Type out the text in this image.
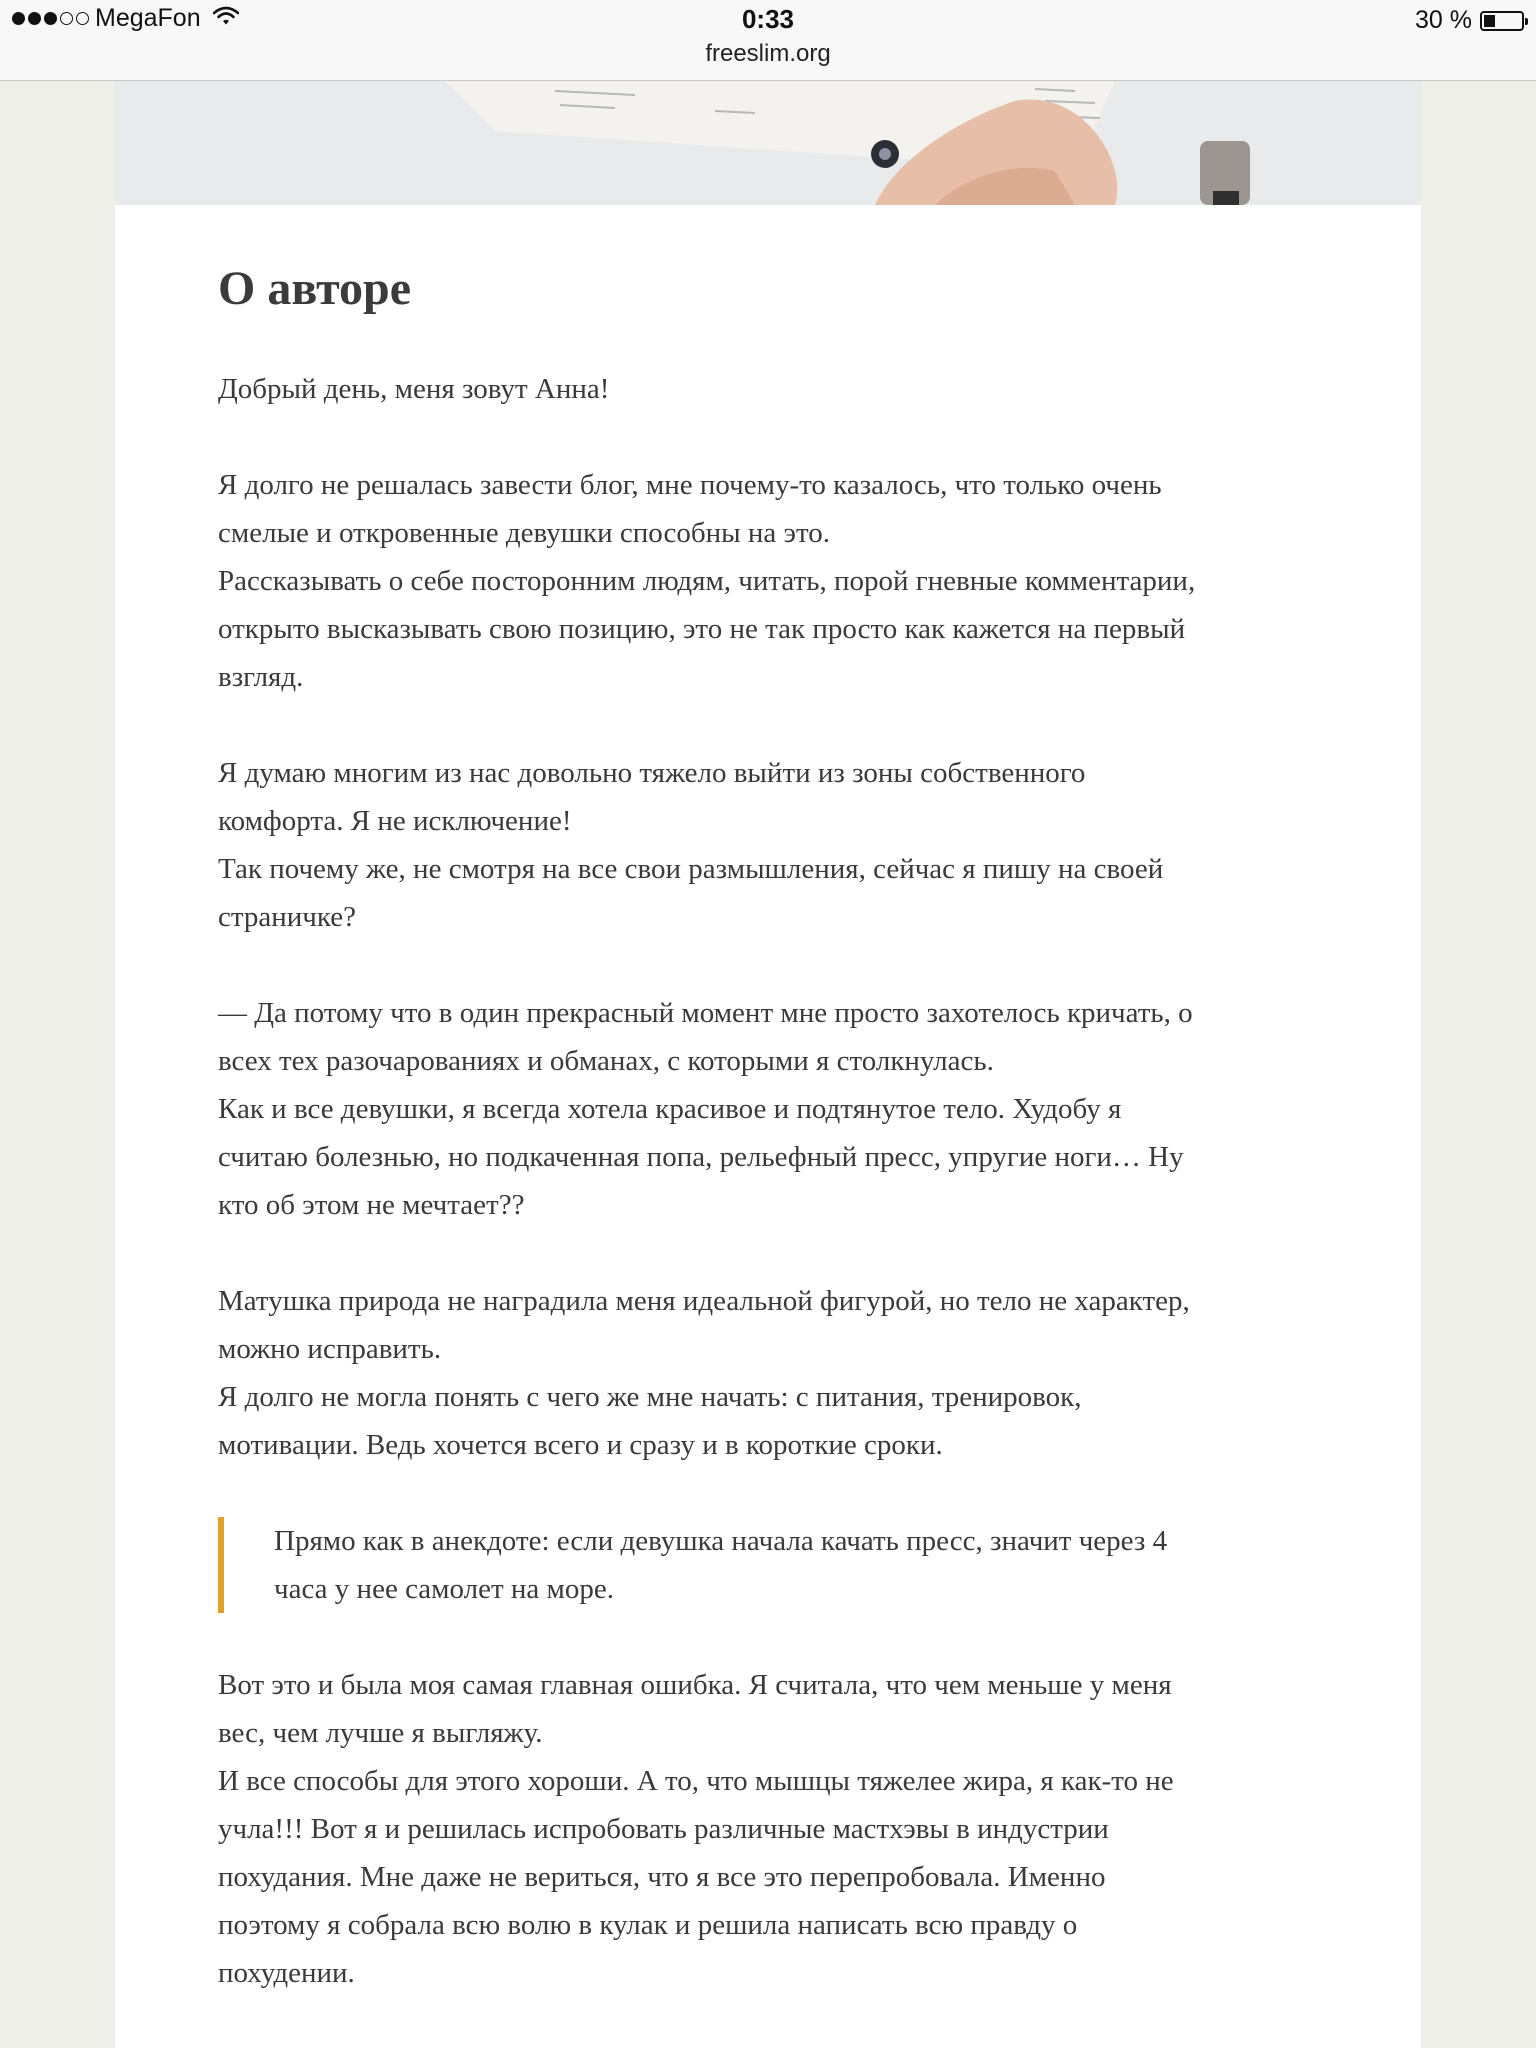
MegaFon	0:33
freeslim.org
30 %
О авторе

Добрый день, меня зовут Анна!

Я долго не решалась завести блог, мне почему-то казалось, что только очень
смелые и откровенные девушки способны на это.
Рассказывать о себе посторонним людям, читать, порой гневные комментарии,
открыто высказывать свою позицию, это не так просто как кажется на первый
взгляд.

Я думаю многим из нас довольно тяжело выйти из зоны собственного
комфорта. Я не исключение!
Так почему же, не смотря на все свои размышления, сейчас я пишу на своей
страничке?

— Да потому что в один прекрасный момент мне просто захотелось кричать, о
всех тех разочарованиях и обманах, с которыми я столкнулась.
Как и все девушки, я всегда хотела красивое и подтянутое тело. Худобу я
считаю болезнью, но подкаченная попа, рельефный пресс, упругие ноги… Ну
кто об этом не мечтает??

Матушка природа не наградила меня идеальной фигурой, но тело не характер,
можно исправить.
Я долго не могла понять с чего же мне начать: с питания, тренировок,
мотивации. Ведь хочется всего и сразу и в короткие сроки.

Прямо как в анекдоте: если девушка начала качать пресс, значит через 4
часа у нее самолет на море.

Вот это и была моя самая главная ошибка. Я считала, что чем меньше у меня
вес, чем лучше я выгляжу.
И все способы для этого хороши. А то, что мышцы тяжелее жира, я как-то не
учла!!! Вот я и решилась испробовать различные мастхэвы в индустрии
похудания. Мне даже не вериться, что я все это перепробовала. Именно
поэтому я собрала всю волю в кулак и решила написать всю правду о
похудении.
